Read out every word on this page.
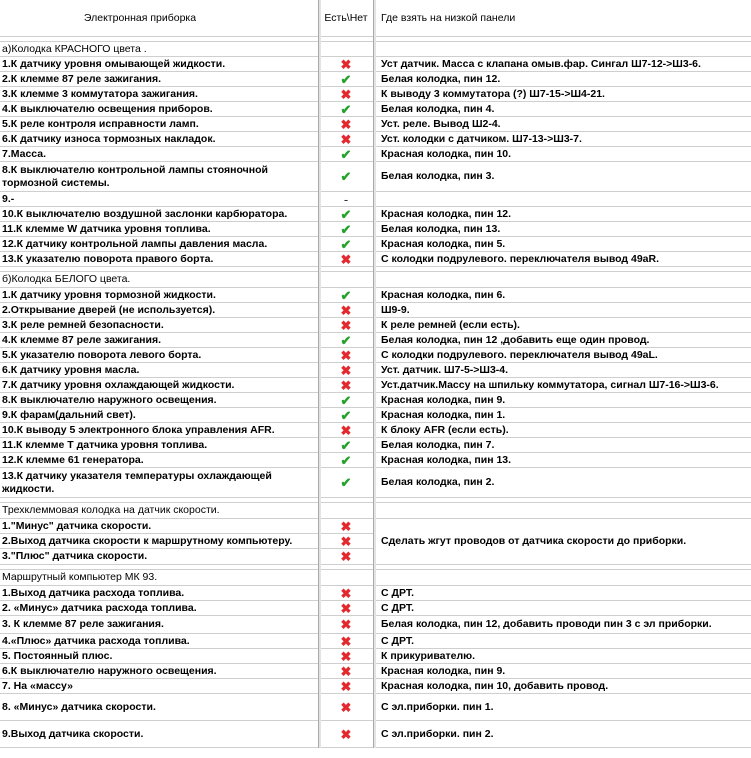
Электронная приборка	Есть\Нет	Где взять на низкой панели
а)Колодка КРАСНОГО цвета .
1.К датчику уровня омывающей жидкости.	✖	Уст датчик. Масса с клапана омыв.фар. Сингал Ш7-12->Ш3-6.
2.К клемме 87 реле зажигания.	✔	Белая колодка, пин 12.
3.К клемме 3 коммутатора зажигания.	✖	К выводу 3 коммутатора (?) Ш7-15->Ш4-21.
4.К выключателю освещения приборов.	✔	Белая колодка, пин 4.
5.К реле контроля исправности ламп.	✖	Уст. реле. Вывод Ш2-4.
6.К датчику износа тормозных накладок.	✖	Уст. колодки с датчиком. Ш7-13->Ш3-7.
7.Масса.	✔	Красная колодка, пин 10.
8.К выключателю контрольной лампы стояночной тормозной системы.	✔	Белая колодка, пин 3.
9.-	-
10.К выключателю воздушной заслонки карбюратора.	✔	Красная колодка, пин 12.
11.К клемме W датчика уровня топлива.	✔	Белая колодка, пин 13.
12.К датчику контрольной лампы давления масла.	✔	Красная колодка, пин 5.
13.К указателю поворота правого борта.	✖	С колодки подрулевого. переключателя вывод 49aR.
б)Колодка БЕЛОГО цвета.
1.К датчику уровня тормозной жидкости.	✔	Красная колодка, пин 6.
2.Открывание дверей (не используется).	✖	Ш9-9.
3.К реле ремней безопасности.	✖	К реле ремней (если есть).
4.К клемме 87 реле зажигания.	✔	Белая колодка, пин 12 ,добавить еще один провод.
5.К указателю поворота левого борта.	✖	С колодки подрулевого. переключателя вывод 49aL.
6.К датчику уровня масла.	✖	Уст. датчик. Ш7-5->Ш3-4.
7.К датчику уровня охлаждающей жидкости.	✖	Уст.датчик.Массу на шпильку коммутатора, сигнал Ш7-16->Ш3-6.
8.К выключателю наружного освещения.	✔	Красная колодка, пин 9.
9.К фарам(дальний свет).	✔	Красная колодка, пин 1.
10.К выводу 5 электронного блока управления AFR.	✖	К блоку AFR (если есть).
11.К клемме Т датчика уровня топлива.	✔	Белая колодка, пин 7.
12.К клемме 61 генератора.	✔	Красная колодка, пин 13.
13.К датчику указателя температуры охлаждающей жидкости.	✔	Белая колодка, пин 2.
Трехклеммовая колодка на датчик скорости.
1."Минус" датчика скорости.	✖
2.Выход датчика скорости к маршрутному компьютеру.	✖
3."Плюс" датчика скорости.	✖
Сделать жгут проводов от датчика скорости до приборки.
Маршрутный компьютер МК 93.
1.Выход датчика расхода топлива.	✖	С ДРТ.
2. «Минус» датчика расхода топлива.	✖	С ДРТ.
3. К клемме 87 реле зажигания.	✖	Белая колодка, пин 12, добавить проводи пин 3 с эл приборки.
4.«Плюс» датчика расхода топлива.	✖	С ДРТ.
5. Постоянный плюс.	✖	К прикуривателю.
6.К выключателю наружного освещения.	✖	Красная колодка, пин 9.
7. На «массу»	✖	Красная колодка, пин 10, добавить провод.
8. «Минус» датчика скорости.	✖	С эл.приборки. пин 1.
9.Выход датчика скорости.	✖	С эл.приборки. пин 2.
